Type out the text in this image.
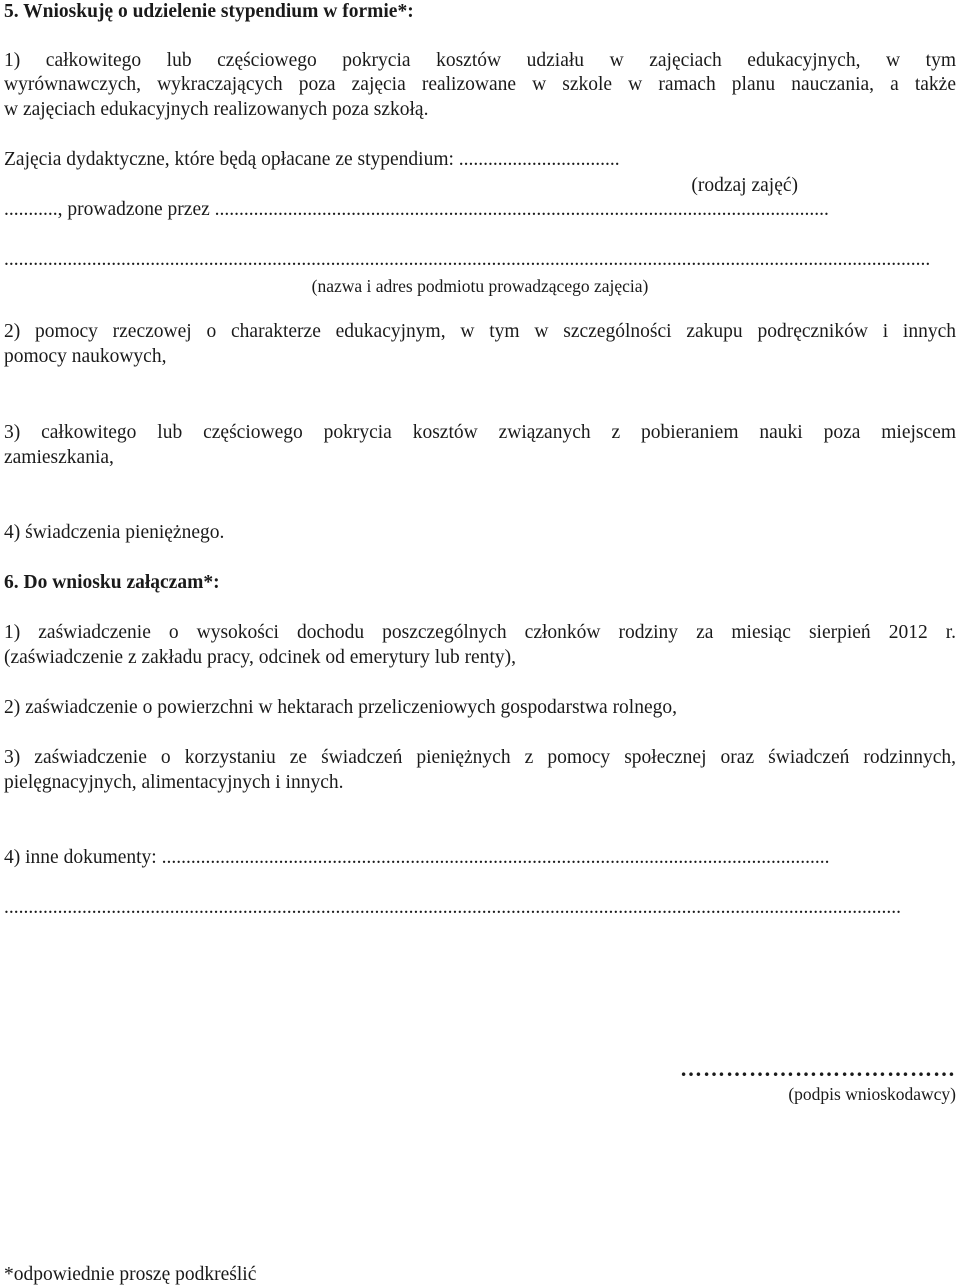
5. Wnioskuję o udzielenie stypendium w formie*:

1) całkowitego lub częściowego pokrycia kosztów udziału w zajęciach edukacyjnych, w tym

wyrównawczych, wykraczających poza zajęcia realizowane w szkole w ramach planu nauczania, a także

w zajęciach edukacyjnych realizowanych poza szkołą.

Zajęcia dydaktyczne, które będą opłacane ze stypendium: .................................

(rodzaj zajęć)

..........., prowadzone przez ..............................................................................................................................

..............................................................................................................................................................................................

(nazwa i adres podmiotu prowadzącego zajęcia)

2) pomocy rzeczowej o charakterze edukacyjnym, w tym w szczególności zakupu podręczników i innych

pomocy naukowych,

3) całkowitego lub częściowego pokrycia kosztów związanych z pobieraniem nauki poza miejscem

zamieszkania,

4) świadczenia pieniężnego.

6. Do wniosku załączam*:

1) zaświadczenie o wysokości dochodu poszczególnych członków rodziny za miesiąc sierpień 2012 r.

(zaświadczenie z zakładu pracy, odcinek od emerytury lub renty),

2) zaświadczenie o powierzchni w hektarach przeliczeniowych gospodarstwa rolnego,

3) zaświadczenie o korzystaniu ze świadczeń pieniężnych z pomocy społecznej oraz świadczeń rodzinnych,

pielęgnacyjnych, alimentacyjnych i innych.

4) inne dokumenty: .........................................................................................................................................

........................................................................................................................................................................................

………………………………

(podpis wnioskodawcy)

*odpowiednie proszę podkreślić
